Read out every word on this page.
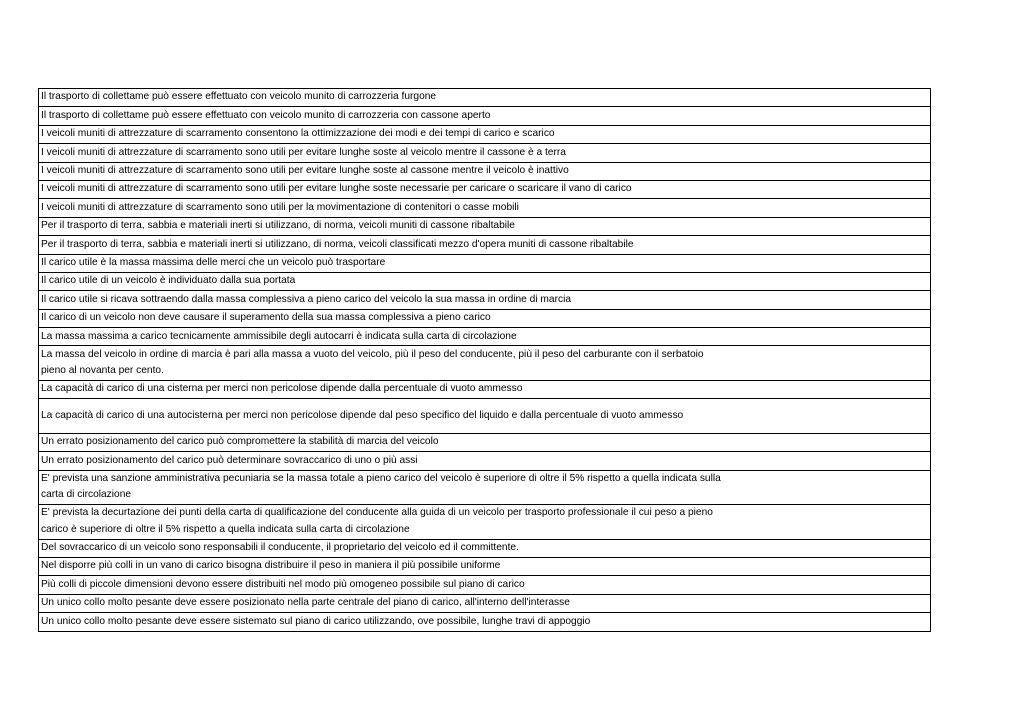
Il trasporto di collettame può essere effettuato con veicolo munito di carrozzeria furgone

Il trasporto di collettame può essere effettuato con veicolo munito di carrozzeria con cassone aperto

I veicoli muniti di attrezzature di scarramento consentono la ottimizzazione dei modi e dei tempi di carico e scarico

I veicoli muniti di attrezzature di scarramento sono utili per evitare lunghe soste al veicolo mentre il cassone è a terra

I veicoli muniti di attrezzature di scarramento sono utili per evitare lunghe soste al cassone mentre il veicolo è inattivo

I veicoli muniti di attrezzature di scarramento sono utili per evitare lunghe soste necessarie per caricare o scaricare il vano di carico

I veicoli muniti di attrezzature di scarramento sono utili per la movimentazione di contenitori o casse mobili

Per il trasporto di terra, sabbia e materiali inerti si utilizzano, di norma, veicoli muniti di cassone ribaltabile

Per il trasporto di terra, sabbia e materiali inerti si utilizzano, di norma, veicoli classificati mezzo d'opera muniti di cassone ribaltabile

Il carico utile è la massa massima delle merci che un veicolo può trasportare

Il carico utile di un veicolo è individuato dalla sua portata

Il carico utile si ricava sottraendo dalla massa complessiva a pieno carico del veicolo la sua massa in ordine di marcia

Il carico di un veicolo non deve causare il superamento della sua massa complessiva a pieno carico

La massa massima a carico tecnicamente ammissibile degli autocarri è indicata sulla carta di circolazione

La massa del veicolo in ordine di marcia è pari alla massa a vuoto del veicolo, più il peso del conducente, più il peso del carburante con il serbatoio pieno al novanta per cento.

La capacità di carico di una cisterna per merci non pericolose dipende dalla percentuale di vuoto ammesso

La capacità di carico di una autocisterna per merci non pericolose dipende dal peso specifico del liquido e dalla percentuale di vuoto ammesso

Un errato posizionamento del carico può compromettere la stabilità di marcia del veicolo

Un errato posizionamento del carico può determinare sovraccarico di uno o più assi

E' prevista una sanzione amministrativa pecuniaria se la massa totale a pieno carico del veicolo è superiore di oltre il 5% rispetto a quella indicata sulla carta di circolazione

E' prevista la decurtazione dei punti della carta di qualificazione del conducente alla guida di un veicolo per trasporto professionale il cui peso a pieno carico è superiore di oltre il 5% rispetto a quella indicata sulla carta di circolazione

Del sovraccarico di un veicolo sono responsabili il conducente, il proprietario del veicolo ed il committente.

Nel disporre più colli in un vano di carico bisogna distribuire il peso in maniera il più possibile uniforme

Più colli di piccole dimensioni devono essere distribuiti nel modo più omogeneo possibile sul piano di carico

Un unico collo molto pesante deve essere posizionato nella parte centrale del piano di carico, all'interno dell'interasse

Un unico collo molto pesante deve essere sistemato sul piano di carico utilizzando, ove possibile, lunghe travi di appoggio
